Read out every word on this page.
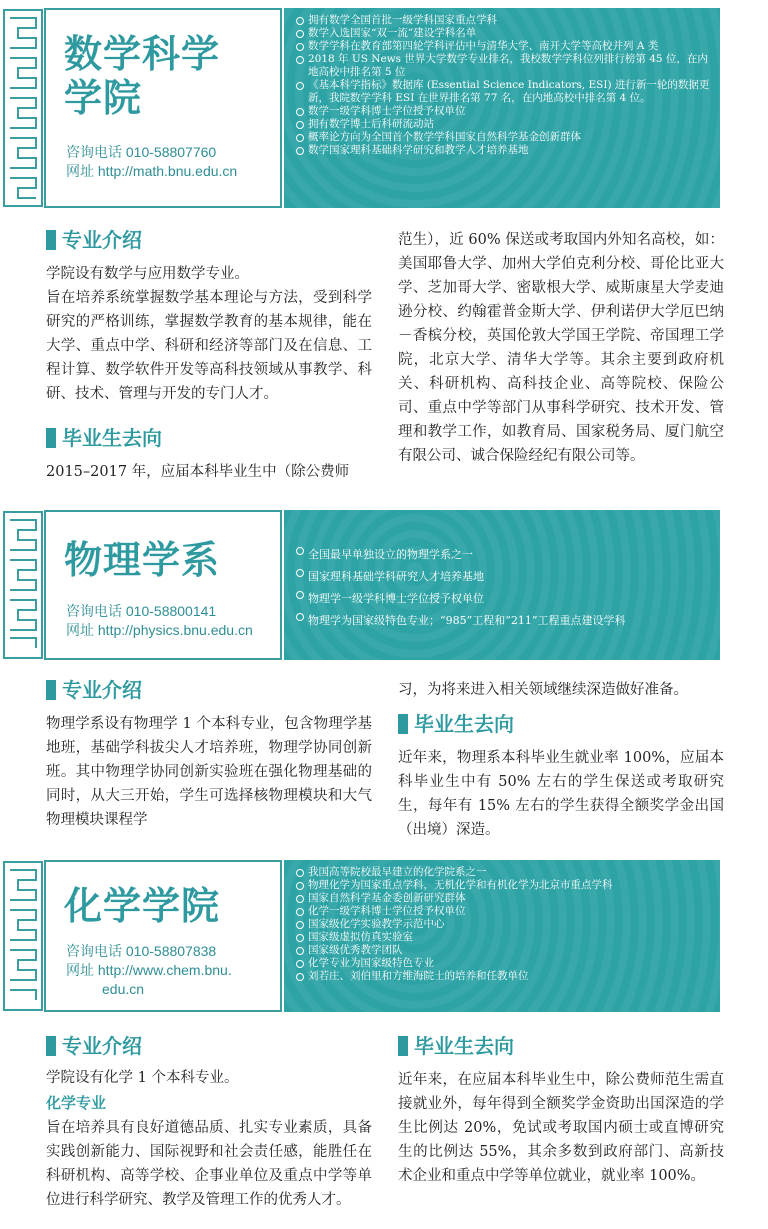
数学科学
学院
咨询电话 010-58807760
网址 http://math.bnu.edu.cn
拥有数学全国首批一级学科国家重点学科
数学入选国家“双一流”建设学科名单
数学学科在教育部第四轮学科评估中与清华大学、南开大学等高校并列 A 类
2018 年 US News 世界大学数学专业排名，我校数学学科位列排行榜第 45 位，在内地高校中排名第 5 位
《基本科学指标》数据库 (Essential Science Indicators, ESI) 进行新一轮的数据更新，我院数学学科 ESI 在世界排名第 77 名，在内地高校中排名第 4 位。
数学一级学科博士学位授予权单位
拥有数学博士后科研流动站
概率论方向为全国首个数学学科国家自然科学基金创新群体
数学国家理科基础科学研究和教学人才培养基地
专业介绍
学院设有数学与应用数学专业。
旨在培养系统掌握数学基本理论与方法，受到科学研究的严格训练，掌握数学教育的基本规律，能在大学、重点中学、科研和经济等部门及在信息、工程计算、数学软件开发等高科技领域从事教学、科研、技术、管理与开发的专门人才。
毕业生去向
2015–2017 年，应届本科毕业生中（除公费师
范生），近 60% 保送或考取国内外知名高校，如：美国耶鲁大学、加州大学伯克利分校、哥伦比亚大学、芝加哥大学、密歇根大学、威斯康星大学麦迪逊分校、约翰霍普金斯大学、伊利诺伊大学厄巴纳－香槟分校，英国伦敦大学国王学院、帝国理工学院，北京大学、清华大学等。其余主要到政府机关、科研机构、高科技企业、高等院校、保险公司、重点中学等部门从事科学研究、技术开发、管理和教学工作，如教育局、国家税务局、厦门航空有限公司、诚合保险经纪有限公司等。
物理学系
咨询电话 010-58800141
网址 http://physics.bnu.edu.cn
全国最早单独设立的物理学系之一
国家理科基础学科研究人才培养基地
物理学一级学科博士学位授予权单位
物理学为国家级特色专业；“985”工程和“211”工程重点建设学科
专业介绍
物理学系设有物理学 1 个本科专业，包含物理学基地班，基础学科拔尖人才培养班，物理学协同创新班。其中物理学协同创新实验班在强化物理基础的同时，从大三开始，学生可选择核物理模块和大气物理模块课程学
习，为将来进入相关领域继续深造做好准备。
毕业生去向
近年来，物理系本科毕业生就业率 100%，应届本科毕业生中有 50% 左右的学生保送或考取研究生，每年有 15% 左右的学生获得全额奖学金出国（出境）深造。
化学学院
咨询电话 010-58807838
网址 http://www.chem.bnu.
edu.cn
我国高等院校最早建立的化学院系之一
物理化学为国家重点学科，无机化学和有机化学为北京市重点学科
国家自然科学基金委创新研究群体
化学一级学科博士学位授予权单位
国家级化学实验教学示范中心
国家级虚拟仿真实验室
国家级优秀教学团队
化学专业为国家级特色专业
刘若庄、刘伯里和方维海院士的培养和任教单位
专业介绍
学院设有化学 1 个本科专业。
化学专业
旨在培养具有良好道德品质、扎实专业素质，具备实践创新能力、国际视野和社会责任感，能胜任在科研机构、高等学校、企事业单位及重点中学等单位进行科学研究、教学及管理工作的优秀人才。
毕业生去向
近年来，在应届本科毕业生中，除公费师范生需直接就业外，每年得到全额奖学金资助出国深造的学生比例达 20%，免试或考取国内硕士或直博研究生的比例达 55%，其余多数到政府部门、高新技术企业和重点中学等单位就业，就业率 100%。
